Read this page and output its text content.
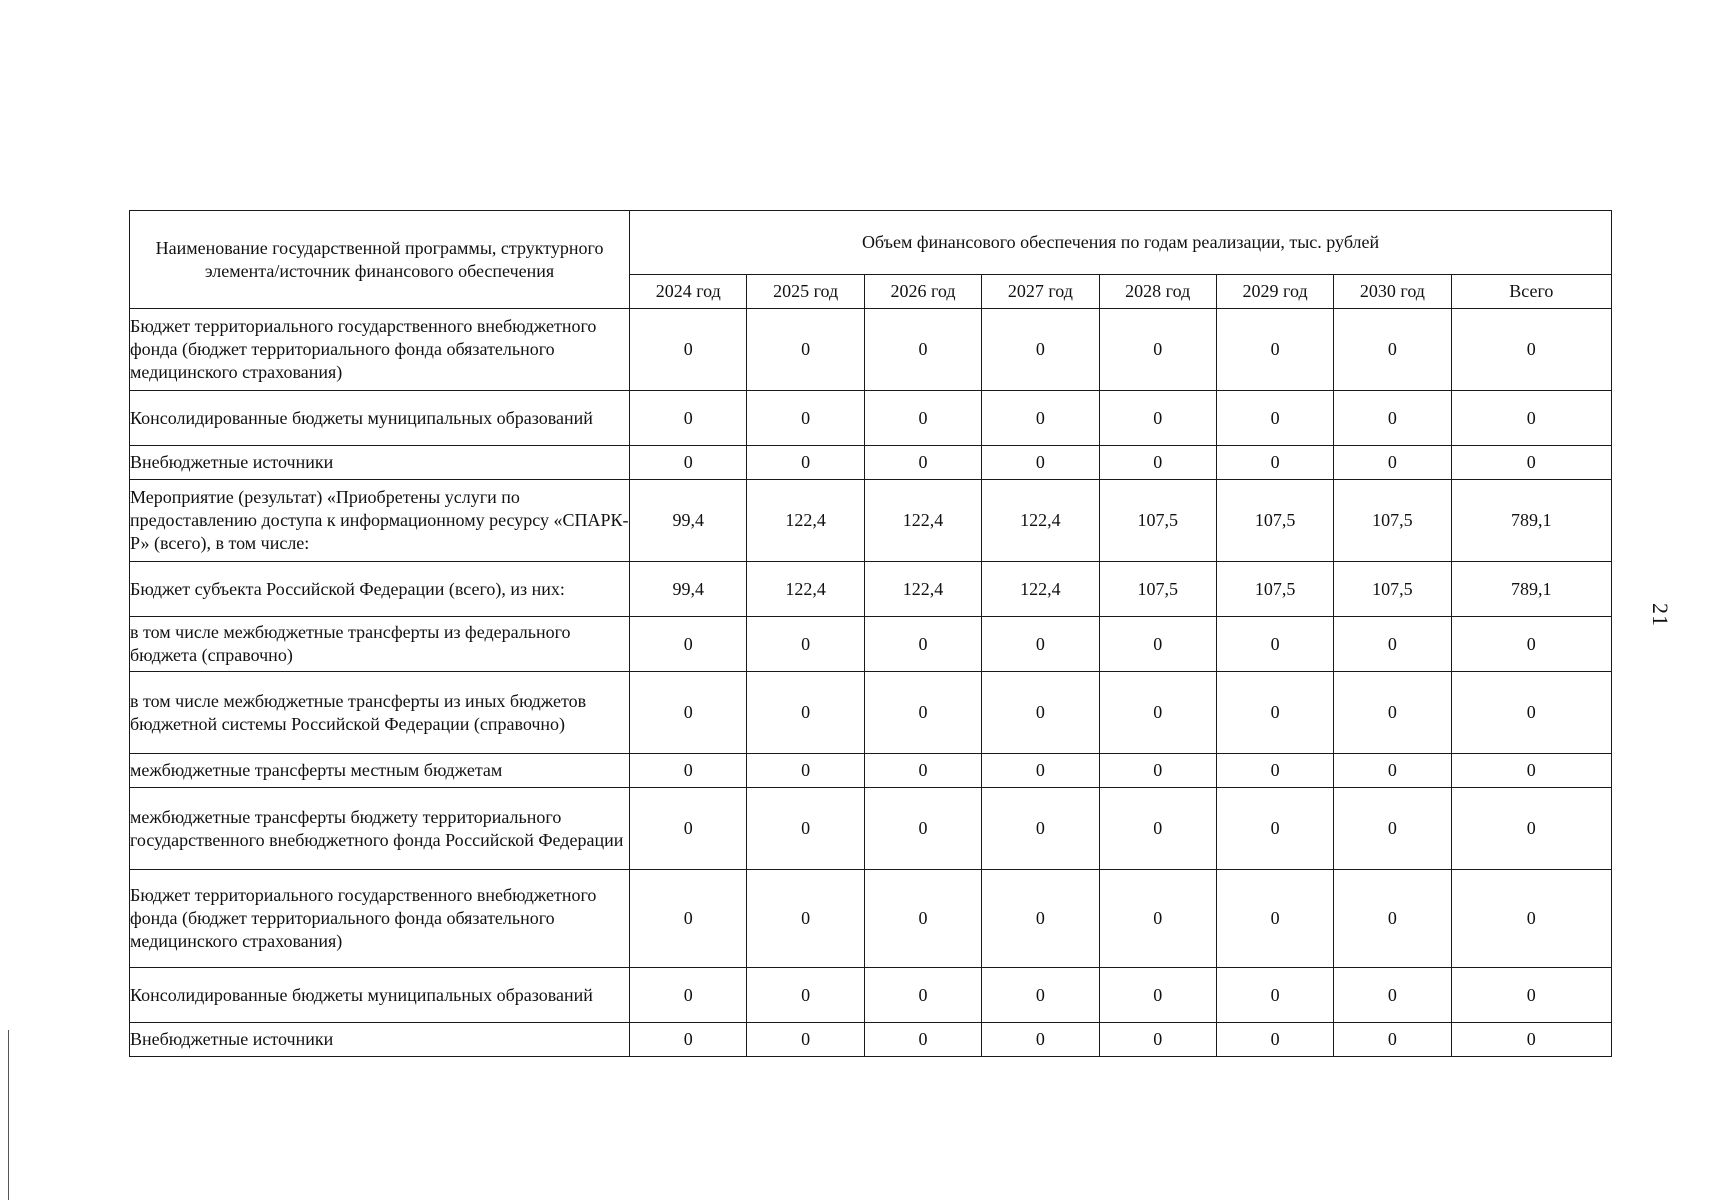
21
Наименование государственной программы, структурного элемента/источник финансового обеспечения	Объем финансового обеспечения по годам реализации, тыс. рублей							
	2024 год	2025 год	2026 год	2027 год	2028 год	2029 год	2030 год	Всего
Бюджет территориального государственного внебюджетного фонда (бюджет территориального фонда обязательного медицинского страхования)	0	0	0	0	0	0	0	0
Консолидированные бюджеты муниципальных образований	0	0	0	0	0	0	0	0
Внебюджетные источники	0	0	0	0	0	0	0	0
Мероприятие (результат) «Приобретены услуги по предоставлению доступа к информационному ресурсу «СПАРК-Р» (всего), в том числе:	99,4	122,4	122,4	122,4	107,5	107,5	107,5	789,1
Бюджет субъекта Российской Федерации (всего), из них:	99,4	122,4	122,4	122,4	107,5	107,5	107,5	789,1
в том числе межбюджетные трансферты из федерального бюджета (справочно)	0	0	0	0	0	0	0	0
в том числе межбюджетные трансферты из иных бюджетов бюджетной системы Российской Федерации (справочно)	0	0	0	0	0	0	0	0
межбюджетные трансферты местным бюджетам	0	0	0	0	0	0	0	0
межбюджетные трансферты бюджету территориального государственного внебюджетного фонда Российской Федерации	0	0	0	0	0	0	0	0
Бюджет территориального государственного внебюджетного фонда (бюджет территориального фонда обязательного медицинского страхования)	0	0	0	0	0	0	0	0
Консолидированные бюджеты муниципальных образований	0	0	0	0	0	0	0	0
Внебюджетные источники	0	0	0	0	0	0	0	0
